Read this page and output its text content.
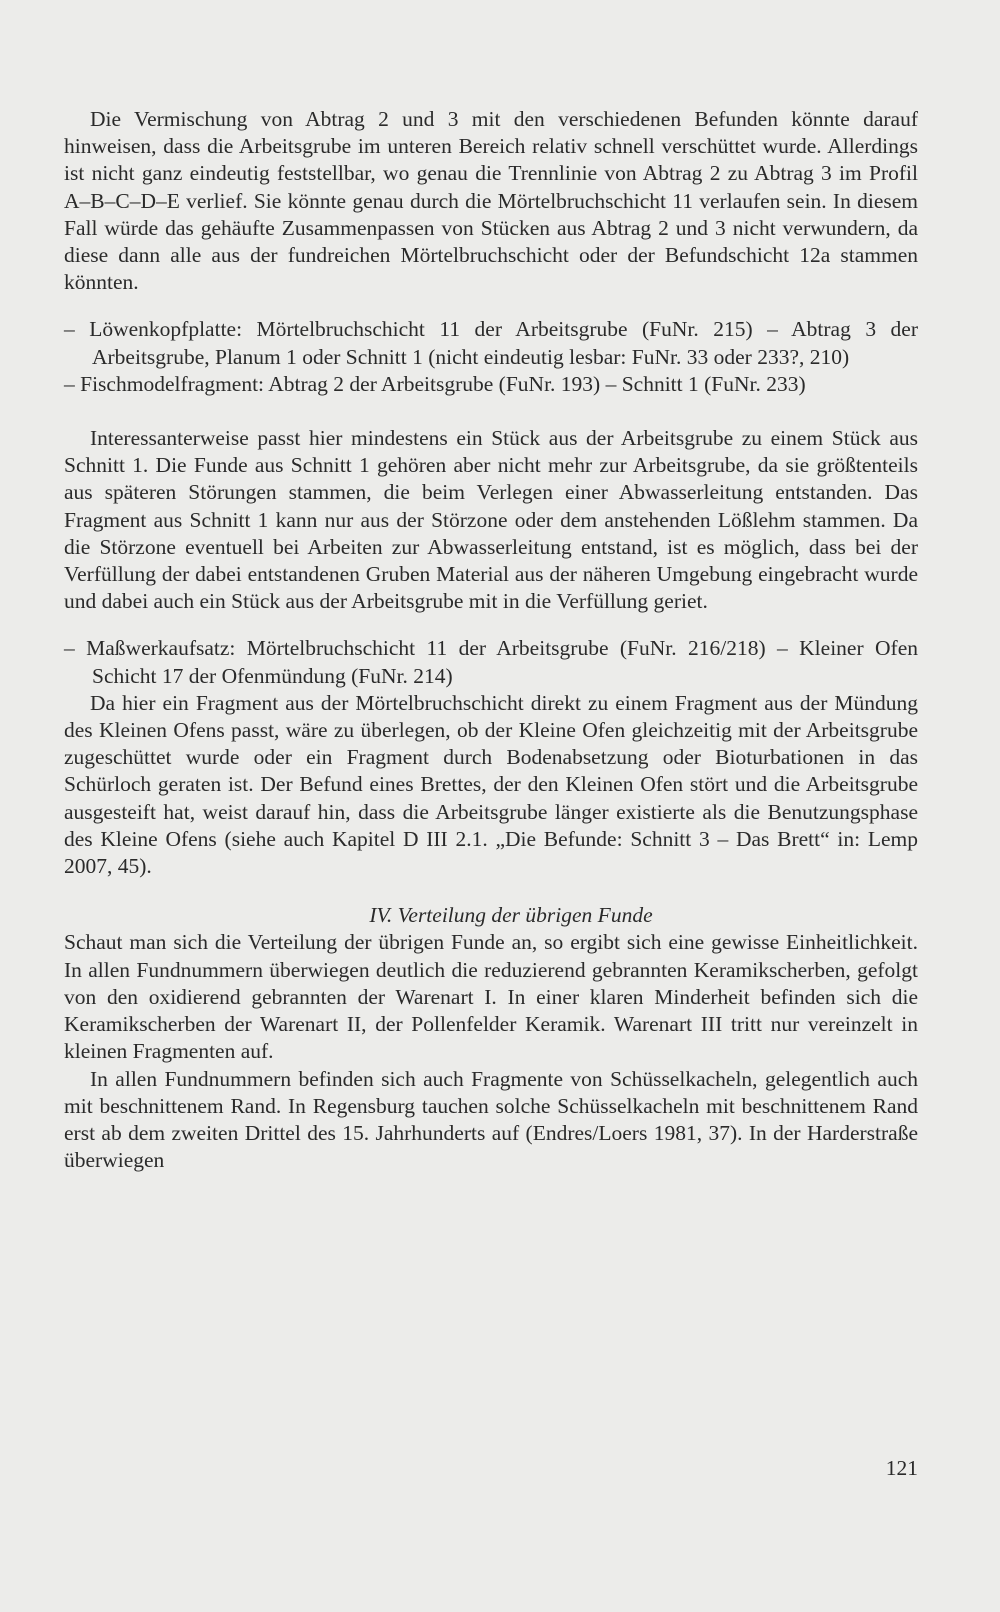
Die Vermischung von Abtrag 2 und 3 mit den verschiedenen Befunden könnte darauf hinweisen, dass die Arbeitsgrube im unteren Bereich relativ schnell verschüttet wurde. Allerdings ist nicht ganz eindeutig feststellbar, wo genau die Trennlinie von Abtrag 2 zu Abtrag 3 im Profil A–B–C–D–E verlief. Sie könnte genau durch die Mörtelbruchschicht 11 verlaufen sein. In diesem Fall würde das gehäufte Zusammenpassen von Stücken aus Abtrag 2 und 3 nicht verwundern, da diese dann alle aus der fundreichen Mörtelbruchschicht oder der Befundschicht 12a stammen könnten.

– Löwenkopfplatte: Mörtelbruchschicht 11 der Arbeitsgrube (FuNr. 215) – Abtrag 3 der Arbeitsgrube, Planum 1 oder Schnitt 1 (nicht eindeutig lesbar: FuNr. 33 oder 233?, 210)

– Fischmodelfragment: Abtrag 2 der Arbeitsgrube (FuNr. 193) – Schnitt 1 (FuNr. 233)

Interessanterweise passt hier mindestens ein Stück aus der Arbeitsgrube zu einem Stück aus Schnitt 1. Die Funde aus Schnitt 1 gehören aber nicht mehr zur Arbeitsgrube, da sie größtenteils aus späteren Störungen stammen, die beim Verlegen einer Abwasserleitung entstanden. Das Fragment aus Schnitt 1 kann nur aus der Störzone oder dem anstehenden Lößlehm stammen. Da die Störzone eventuell bei Arbeiten zur Abwasserleitung entstand, ist es möglich, dass bei der Verfüllung der dabei entstandenen Gruben Material aus der näheren Umgebung eingebracht wurde und dabei auch ein Stück aus der Arbeitsgrube mit in die Verfüllung geriet.

– Maßwerkaufsatz: Mörtelbruchschicht 11 der Arbeitsgrube (FuNr. 216/218) – Kleiner Ofen Schicht 17 der Ofenmündung (FuNr. 214)

Da hier ein Fragment aus der Mörtelbruchschicht direkt zu einem Fragment aus der Mündung des Kleinen Ofens passt, wäre zu überlegen, ob der Kleine Ofen gleichzeitig mit der Arbeitsgrube zugeschüttet wurde oder ein Fragment durch Bodenabsetzung oder Bioturbationen in das Schürloch geraten ist. Der Befund eines Brettes, der den Kleinen Ofen stört und die Arbeitsgrube ausgesteift hat, weist darauf hin, dass die Arbeitsgrube länger existierte als die Benutzungsphase des Kleine Ofens (siehe auch Kapitel D III 2.1. „Die Befunde: Schnitt 3 – Das Brett“ in: Lemp 2007, 45).

IV. Verteilung der übrigen Funde

Schaut man sich die Verteilung der übrigen Funde an, so ergibt sich eine gewisse Einheitlichkeit. In allen Fundnummern überwiegen deutlich die reduzierend gebrannten Keramikscherben, gefolgt von den oxidierend gebrannten der Warenart I. In einer klaren Minderheit befinden sich die Keramikscherben der Warenart II, der Pollenfelder Keramik. Warenart III tritt nur vereinzelt in kleinen Fragmenten auf.

In allen Fundnummern befinden sich auch Fragmente von Schüsselkacheln, gelegentlich auch mit beschnittenem Rand. In Regensburg tauchen solche Schüsselkacheln mit beschnittenem Rand erst ab dem zweiten Drittel des 15. Jahrhunderts auf (Endres/Loers 1981, 37). In der Harderstraße überwiegen

121
